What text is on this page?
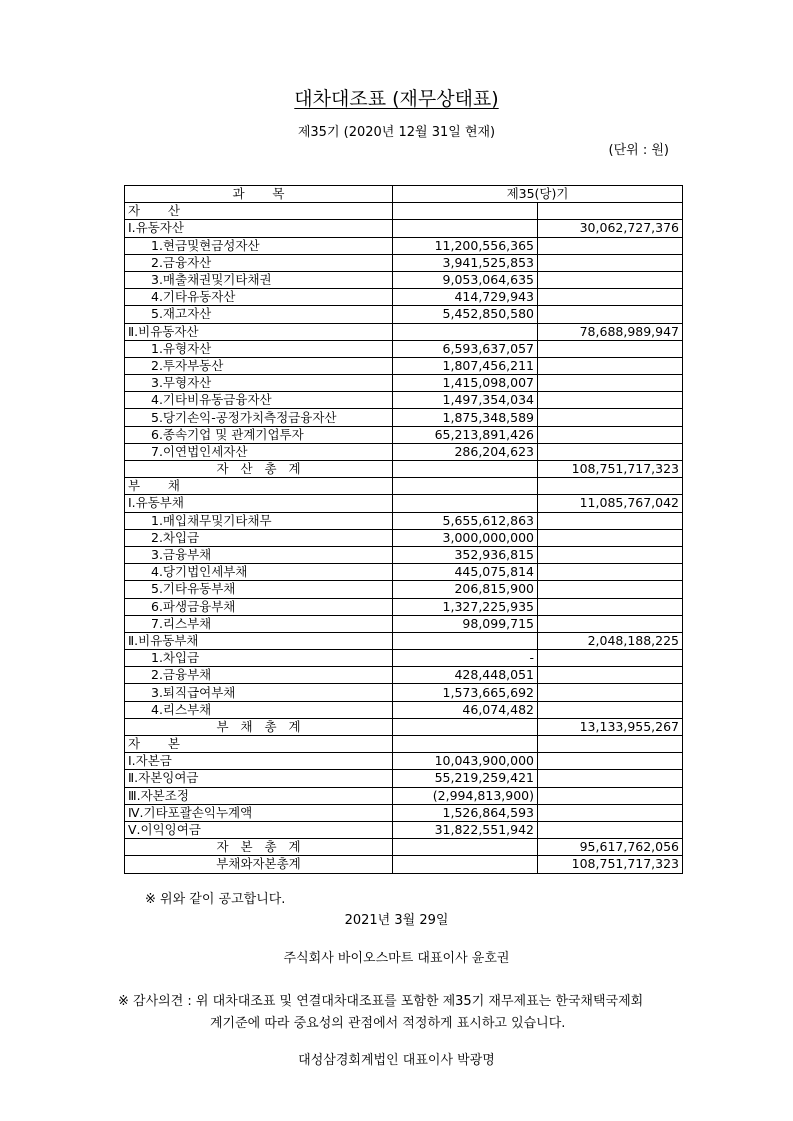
대차대조표 (재무상태표)
제35기 (2020년 12월 31일 현재)
(단위 : 원)
과       목	제35(당)기	
자       산		
Ⅰ.유동자산		30,062,727,376
1.현금및현금성자산	11,200,556,365	
2.금융자산	3,941,525,853	
3.매출채권및기타채권	9,053,064,635	
4.기타유동자산	414,729,943	
5.재고자산	5,452,850,580	
Ⅱ.비유동자산		78,688,989,947
1.유형자산	6,593,637,057	
2.투자부동산	1,807,456,211	
3.무형자산	1,415,098,007	
4.기타비유동금융자산	1,497,354,034	
5.당기손익-공정가치측정금융자산	1,875,348,589	
6.종속기업 및 관계기업투자	65,213,891,426	
7.이연법인세자산	286,204,623	
자   산   총   계		108,751,717,323
부       채		
Ⅰ.유동부채		11,085,767,042
1.매입채무및기타채무	5,655,612,863	
2.차입금	3,000,000,000	
3.금융부채	352,936,815	
4.당기법인세부채	445,075,814	
5.기타유동부채	206,815,900	
6.파생금융부채	1,327,225,935	
7.리스부채	98,099,715	
Ⅱ.비유동부채		2,048,188,225
1.차입금	-	
2.금융부채	428,448,051	
3.퇴직급여부채	1,573,665,692	
4.리스부채	46,074,482	
부   채   총   계		13,133,955,267
자       본		
Ⅰ.자본금	10,043,900,000	
Ⅱ.자본잉여금	55,219,259,421	
Ⅲ.자본조정	(2,994,813,900)	
Ⅳ.기타포괄손익누계액	1,526,864,593	
Ⅴ.이익잉여금	31,822,551,942	
자   본   총   계		95,617,762,056
부채와자본총계		108,751,717,323
※ 위와 같이 공고합니다.
2021년 3월 29일
주식회사 바이오스마트 대표이사 윤호권
※ 감사의견 : 위 대차대조표 및 연결대차대조표를 포함한 제35기 재무제표는 한국채택국제회
계기준에 따라 중요성의 관점에서 적정하게 표시하고 있습니다.
대성삼경회계법인 대표이사 박광명
